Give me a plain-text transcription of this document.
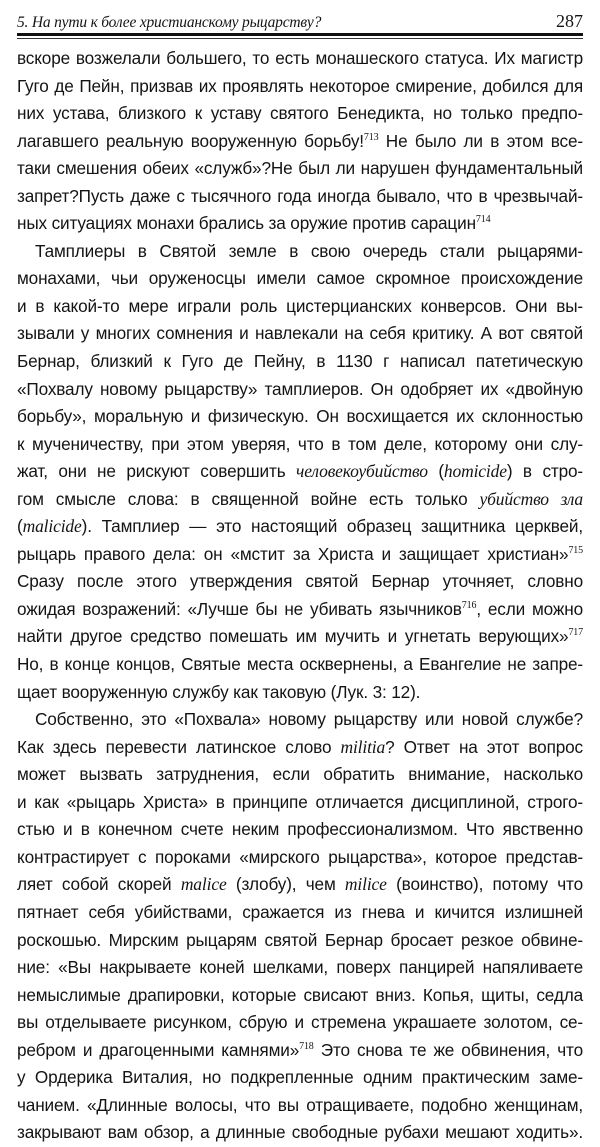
5. На пути к более христианскому рыцарству?	287
вскоре возжелали большего, то есть монашеского статуса. Их магистр
Гуго де Пейн, призвав их проявлять некоторое смирение, добился для
них устава, близкого к уставу святого Бенедикта, но только предпо-
лагавшего реальную вооруженную борьбу!$^{713}$ Не было ли в этом все-
таки смешения обеих «служб»?Не был ли нарушен фундаментальный
запрет?Пусть даже с тысячного года иногда бывало, что в чрезвычай-
ных ситуациях монахи брались за оружие против сарацин$^{714}$
Тамплиеры в Святой земле в свою очередь стали рыцарями-
монахами, чьи оруженосцы имели самое скромное происхождение
и в какой-то мере играли роль цистерцианских конверсов. Они вы-
зывали у многих сомнения и навлекали на себя критику. А вот святой
Бернар, близкий к Гуго де Пейну, в 1130 г написал патетическую
«Похвалу новому рыцарству» тамплиеров. Он одобряет их «двойную
борьбу», моральную и физическую. Он восхищается их склонностью
к мученичеству, при этом уверяя, что в том деле, которому они слу-
жат, они не рискуют совершить человекоубийство (homicide) в стро-
гом смысле слова: в священной войне есть только убийство зла
(malicide). Тамплиер — это настоящий образец защитника церквей,
рыцарь правого дела: он «мстит за Христа и защищает христиан»$^{715}$
Сразу после этого утверждения святой Бернар уточняет, словно
ожидая возражений: «Лучше бы не убивать язычников$^{716}$, если можно
найти другое средство помешать им мучить и угнетать верующих»$^{717}$
Но, в конце концов, Святые места осквернены, а Евангелие не запре-
щает вооруженную службу как таковую (Лук. 3: 12).
Собственно, это «Похвала» новому рыцарству или новой службе?
Как здесь перевести латинское слово militia? Ответ на этот вопрос
может вызвать затруднения, если обратить внимание, насколько
и как «рыцарь Христа» в принципе отличается дисциплиной, строго-
стью и в конечном счете неким профессионализмом. Что явственно
контрастирует с пороками «мирского рыцарства», которое представ-
ляет собой скорей malice (злобу), чем milice (воинство), потому что
пятнает себя убийствами, сражается из гнева и кичится излишней
роскошью. Мирским рыцарям святой Бернар бросает резкое обвине-
ние: «Вы накрываете коней шелками, поверх панцирей напяливаете
немыслимые драпировки, которые свисают вниз. Копья, щиты, седла
вы отделываете рисунком, сбрую и стремена украшаете золотом, се-
ребром и драгоценными камнями»$^{718}$ Это снова те же обвинения, что
у Ордерика Виталия, но подкрепленные одним практическим заме-
чанием. «Длинные волосы, что вы отращиваете, подобно женщинам,
закрывают вам обзор, а длинные свободные рубахи мешают ходить».
